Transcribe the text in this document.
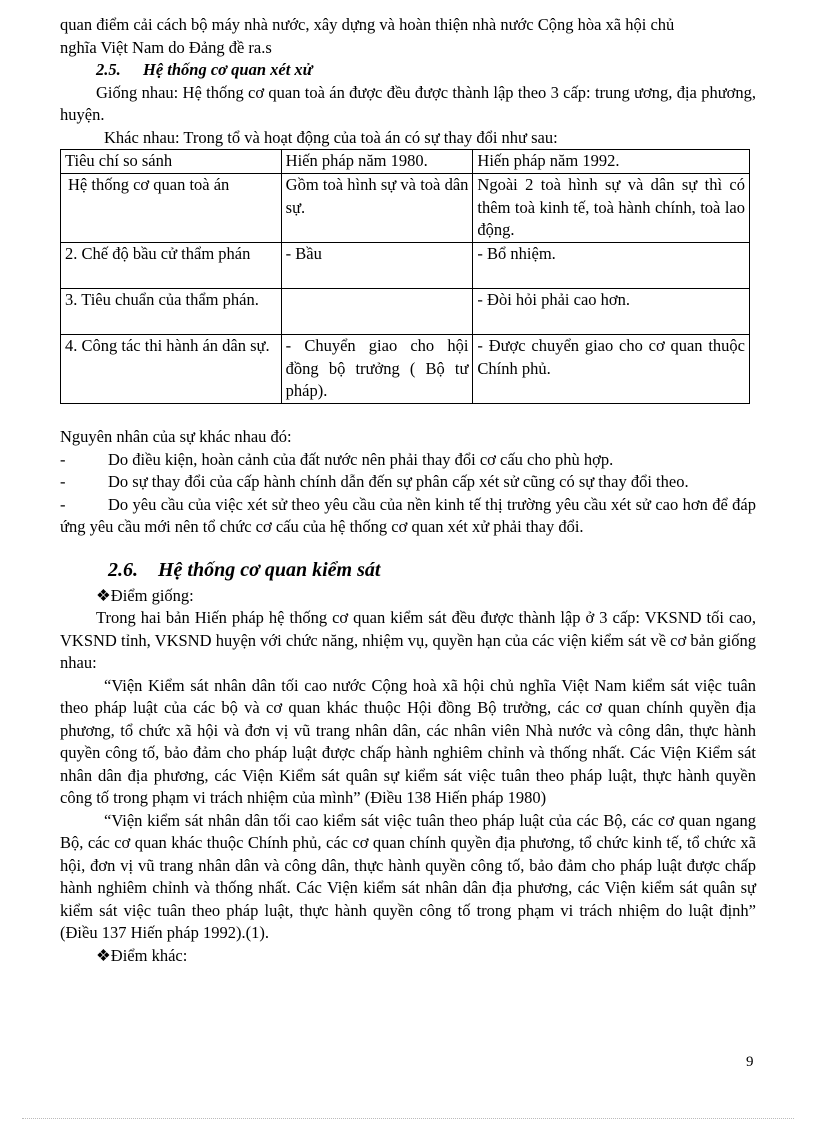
quan điểm cải cách bộ máy nhà nước, xây dựng và hoàn thiện nhà nước Cộng hòa xã hội chủ
nghĩa Việt Nam do Đảng đề ra.s

2.5. Hệ thống cơ quan xét xử

Giống nhau: Hệ thống cơ quan toà án được đều được thành lập theo 3 cấp: trung ương, địa phương, huyện.

Khác nhau: Trong tổ và hoạt động của toà án có sự thay đổi như sau:

Tiêu chí so sánh	Hiến pháp năm 1980.	Hiến pháp năm 1992.
Hệ thống cơ quan toà án	Gồm toà hình sự và toà dân sự.	Ngoài 2 toà hình sự và dân sự thì có thêm toà kinh tế, toà hành chính, toà lao động.
2. Chế độ bầu cử thẩm phán	- Bầu	- Bổ nhiệm.
3. Tiêu chuẩn của thẩm phán.		- Đòi hỏi phải cao hơn.
4. Công tác thi hành án dân sự.	- Chuyển giao cho hội đồng bộ trưởng ( Bộ tư pháp).	- Được chuyển giao cho cơ quan thuộc Chính phủ.

Nguyên nhân của sự khác nhau đó:

-	Do điều kiện, hoàn cảnh của đất nước nên phải thay đổi cơ cấu cho phù hợp.

-	Do sự thay đổi của cấp hành chính dẫn đến sự phân cấp xét sử cũng có sự thay đổi theo.

-	Do yêu cầu của việc xét sử theo yêu cầu của nền kinh tế thị trường yêu cầu xét sử cao hơn để đáp ứng yêu cầu mới nên tổ chức cơ cấu của hệ thống cơ quan xét xử phải thay đổi.

2.6. Hệ thống cơ quan kiểm sát

❖Điểm giống:

Trong hai bản Hiến pháp hệ thống cơ quan kiểm sát đều được thành lập ở 3 cấp: VKSND tối cao, VKSND tỉnh, VKSND huyện với chức năng, nhiệm vụ, quyền hạn của các viện kiểm sát về cơ bản giống nhau:

“Viện Kiểm sát nhân dân tối cao nước Cộng hoà xã hội chủ nghĩa Việt Nam kiểm sát việc tuân theo pháp luật của các bộ và cơ quan khác thuộc Hội đồng Bộ trưởng, các cơ quan chính quyền địa phương, tổ chức xã hội và đơn vị vũ trang nhân dân, các nhân viên Nhà nước và công dân, thực hành quyền công tố, bảo đảm cho pháp luật được chấp hành nghiêm chỉnh và thống nhất. Các Viện Kiểm sát nhân dân địa phương, các Viện Kiểm sát quân sự kiểm sát việc tuân theo pháp luật, thực hành quyền công tố trong phạm vi trách nhiệm của mình” (Điều 138 Hiến pháp 1980)

“Viện kiểm sát nhân dân tối cao kiểm sát việc tuân theo pháp luật của các Bộ, các cơ quan ngang Bộ, các cơ quan khác thuộc Chính phủ, các cơ quan chính quyền địa phương, tổ chức kinh tế, tổ chức xã hội, đơn vị vũ trang nhân dân và công dân, thực hành quyền công tố, bảo đảm cho pháp luật được chấp hành nghiêm chỉnh và thống nhất. Các Viện kiểm sát nhân dân địa phương, các Viện kiểm sát quân sự kiểm sát việc tuân theo pháp luật, thực hành quyền công tố trong phạm vi trách nhiệm do luật định” (Điều 137 Hiến pháp 1992).(1).

❖Điểm khác:

9
